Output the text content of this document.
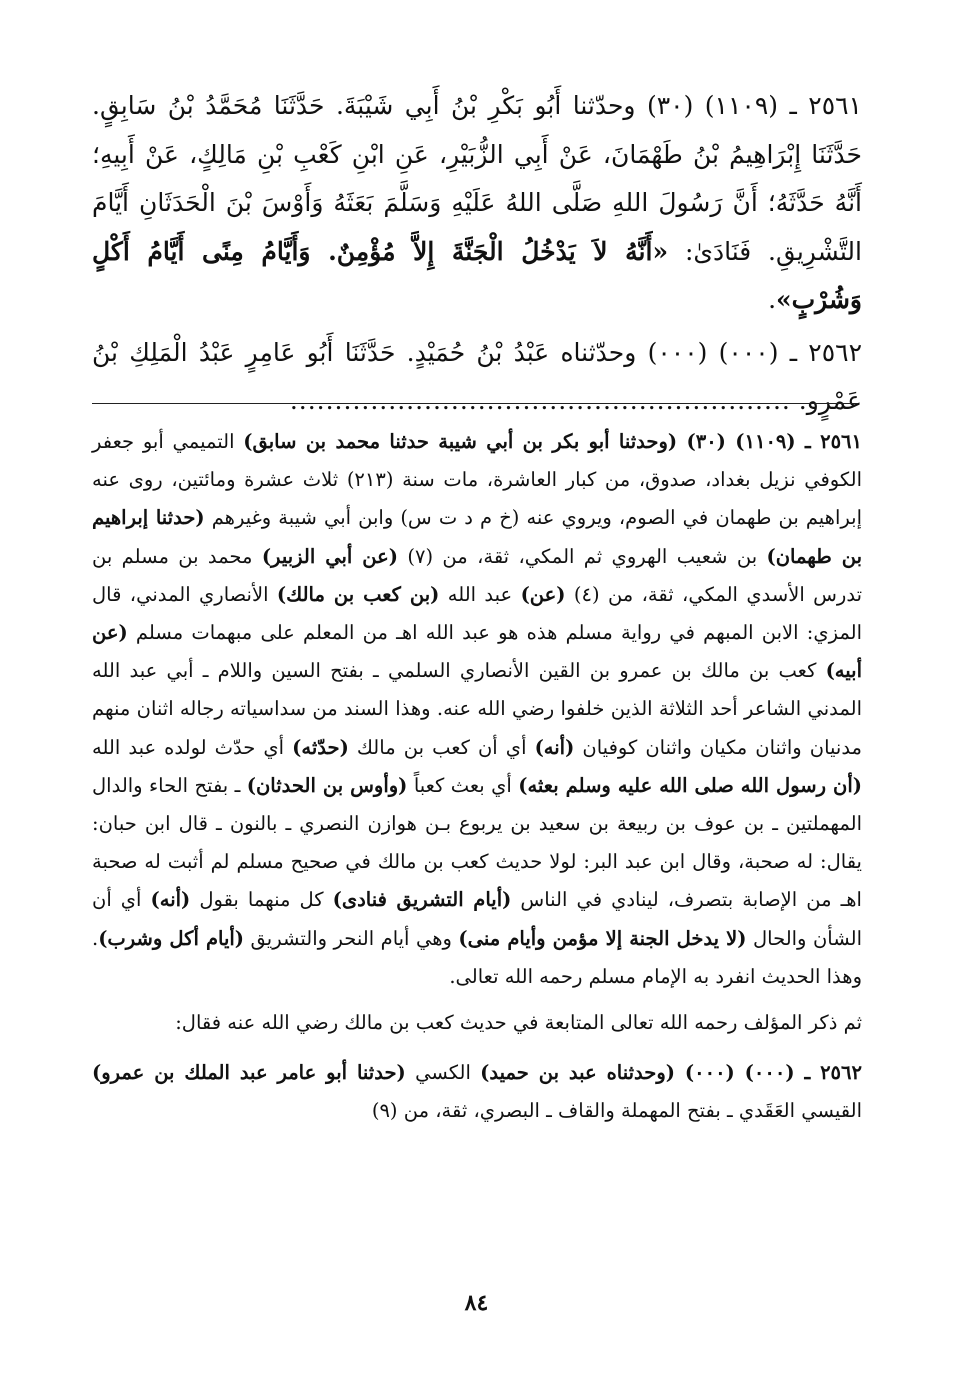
٢٥٦١ ـ (١١٠٩) (٣٠) وحدّثنا أَبُو بَكْرِ بْنُ أَبِي شَيْبَةَ. حَدَّثَنَا مُحَمَّدُ بْنُ سَابِقٍ. حَدَّثَنَا إِبْرَاهِيمُ بْنُ طَهْمَانَ، عَنْ أَبِي الزُّبَيْرِ، عَنِ ابْنِ كَعْبِ بْنِ مَالِكٍ، عَنْ أَبِيهِ؛ أَنَّهُ حَدَّثَهُ؛ أَنَّ رَسُولَ اللهِ صَلَّى اللهُ عَلَيْهِ وَسَلَّمَ بَعَثَهُ وَأَوْسَ بْنَ الْحَدَثَانِ أَيَّامَ التَّشْرِيقِ. فَنَادَىٰ: «أَنَّهُ لاَ يَدْخُلُ الْجَنَّةَ إِلاَّ مُؤْمِنٌ. وَأَيَّامُ مِنًى أَيَّامُ أَكْلٍ وَشُرْبٍ».

٢٥٦٢ ـ (٠٠٠) (٠٠٠) وحدّثناه عَبْدُ بْنُ حُمَيْدٍ. حَدَّثَنَا أَبُو عَامِرٍ عَبْدُ الْمَلِكِ بْنُ عَمْرٍو. ........................................................

٢٥٦١ ـ (١١٠٩) (٣٠) (وحدثنا أبو بكر بن أبي شيبة حدثنا محمد بن سابق) التميمي أبو جعفر الكوفي نزيل بغداد، صدوق، من كبار العاشرة، مات سنة (٢١٣) ثلاث عشرة ومائتين، روى عنه إبراهيم بن طهمان في الصوم، ويروي عنه (خ م د ت س) وابن أبي شيبة وغيرهم (حدثنا إبراهيم بن طهمان) بن شعيب الهروي ثم المكي، ثقة، من (٧) (عن أبي الزبير) محمد بن مسلم بن تدرس الأسدي المكي، ثقة، من (٤) (عن) عبد الله (بن كعب بن مالك) الأنصاري المدني، قال المزي: الابن المبهم في رواية مسلم هذه هو عبد الله اهـ من المعلم على مبهمات مسلم (عن أبيه) كعب بن مالك بن عمرو بن القين الأنصاري السلمي ـ بفتح السين واللام ـ أبي عبد الله المدني الشاعر أحد الثلاثة الذين خلفوا رضي الله عنه. وهذا السند من سداسياته رجاله اثنان منهم مدنيان واثنان مكيان واثنان كوفيان (أنه) أي أن كعب بن مالك (حدّثه) أي حدّث لولده عبد الله (أن رسول الله صلى الله عليه وسلم بعثه) أي بعث كعباً (وأوس بن الحدثان) ـ بفتح الحاء والدال المهملتين ـ بن عوف بن ربيعة بن سعيد بن يربوع بـن هوازن النصري ـ بالنون ـ قال ابن حبان: يقال: له صحبة، وقال ابن عبد البر: لولا حديث كعب بن مالك في صحيح مسلم لم أثبت له صحبة اهـ من الإصابة بتصرف، لينادي في الناس (أيام التشريق فنادى) كل منهما بقول (أنه) أي أن الشأن والحال (لا يدخل الجنة إلا مؤمن وأيام منى) وهي أيام النحر والتشريق (أيام أكل وشرب). وهذا الحديث انفرد به الإمام مسلم رحمه الله تعالى.

ثم ذكر المؤلف رحمه الله تعالى المتابعة في حديث كعب بن مالك رضي الله عنه فقال:

٢٥٦٢ ـ (٠٠٠) (٠٠٠) (وحدثناه عبد بن حميد) الكسي (حدثنا أبو عامر عبد الملك بن عمرو) القيسي العَقَدي ـ بفتح المهملة والقاف ـ البصري، ثقة، من (٩)

٨٤
